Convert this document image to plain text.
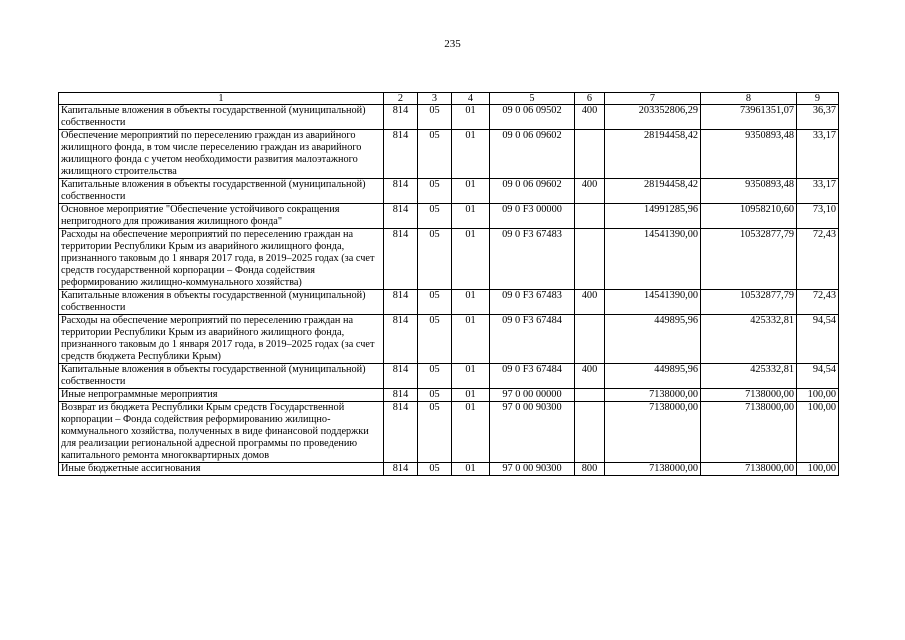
235
1	2	3	4	5	6	7	8	9
Капитальные вложения в объекты государственной (муниципальной) собственности	814	05	01	09 0 06 09502	400	203352806,29	73961351,07	36,37
Обеспечение мероприятий по переселению граждан из аварийного жилищного фонда, в том числе переселению граждан из аварийного жилищного фонда с учетом необходимости развития малоэтажного жилищного строительства	814	05	01	09 0 06 09602		28194458,42	9350893,48	33,17
Капитальные вложения в объекты государственной (муниципальной) собственности	814	05	01	09 0 06 09602	400	28194458,42	9350893,48	33,17
Основное мероприятие "Обеспечение устойчивого сокращения непригодного для проживания жилищного фонда"	814	05	01	09 0 F3 00000		14991285,96	10958210,60	73,10
Расходы на обеспечение мероприятий по переселению граждан на территории Республики Крым из аварийного жилищного фонда, признанного таковым до 1 января 2017 года, в 2019–2025 годах (за счет средств государственной корпорации – Фонда содействия реформированию жилищно-коммунального хозяйства)	814	05	01	09 0 F3 67483		14541390,00	10532877,79	72,43
Капитальные вложения в объекты государственной (муниципальной) собственности	814	05	01	09 0 F3 67483	400	14541390,00	10532877,79	72,43
Расходы на обеспечение мероприятий по переселению граждан на территории Республики Крым из аварийного жилищного фонда, признанного таковым до 1 января 2017 года, в 2019–2025 годах (за счет средств бюджета Республики Крым)	814	05	01	09 0 F3 67484		449895,96	425332,81	94,54
Капитальные вложения в объекты государственной (муниципальной) собственности	814	05	01	09 0 F3 67484	400	449895,96	425332,81	94,54
Иные непрограммные мероприятия	814	05	01	97 0 00 00000		7138000,00	7138000,00	100,00
Возврат из бюджета Республики Крым средств Государственной корпорации – Фонда содействия реформированию жилищно-коммунального хозяйства, полученных в виде финансовой поддержки для реализации региональной адресной программы по проведению капитального ремонта многоквартирных домов	814	05	01	97 0 00 90300		7138000,00	7138000,00	100,00
Иные бюджетные ассигнования	814	05	01	97 0 00 90300	800	7138000,00	7138000,00	100,00
